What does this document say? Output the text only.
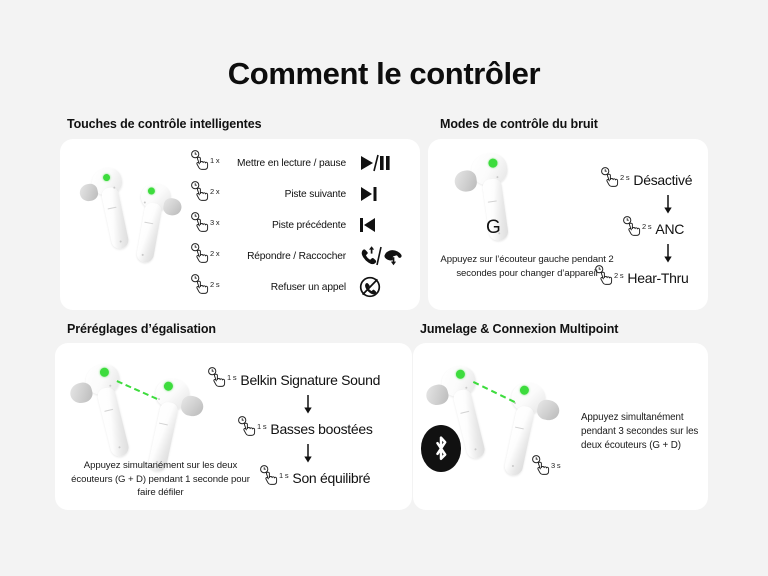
Comment le contrôler
Touches de contrôle intelligentes	Modes de contrôle du bruit
Préréglages d’égalisation	Jumelage & Connexion Multipoint
1 x	Mettre en lecture / pause
2 x	Piste suivante
3 x	Piste précédente
2 x	Répondre / Raccocher
2 s	Refuser un appel
G
Appuyez sur l’écouteur gauche pendant 2 secondes pour changer d’appareil
2 s Désactivé
2 s ANC
2 s Hear-Thru
Appuyez simultanément sur les deux écouteurs (G + D) pendant 1 seconde pour faire défiler
1 s Belkin Signature Sound
1 s Basses boostées
1 s Son équilibré
3 s
Appuyez simultanément pendant 3 secondes sur les deux écouteurs (G + D)
